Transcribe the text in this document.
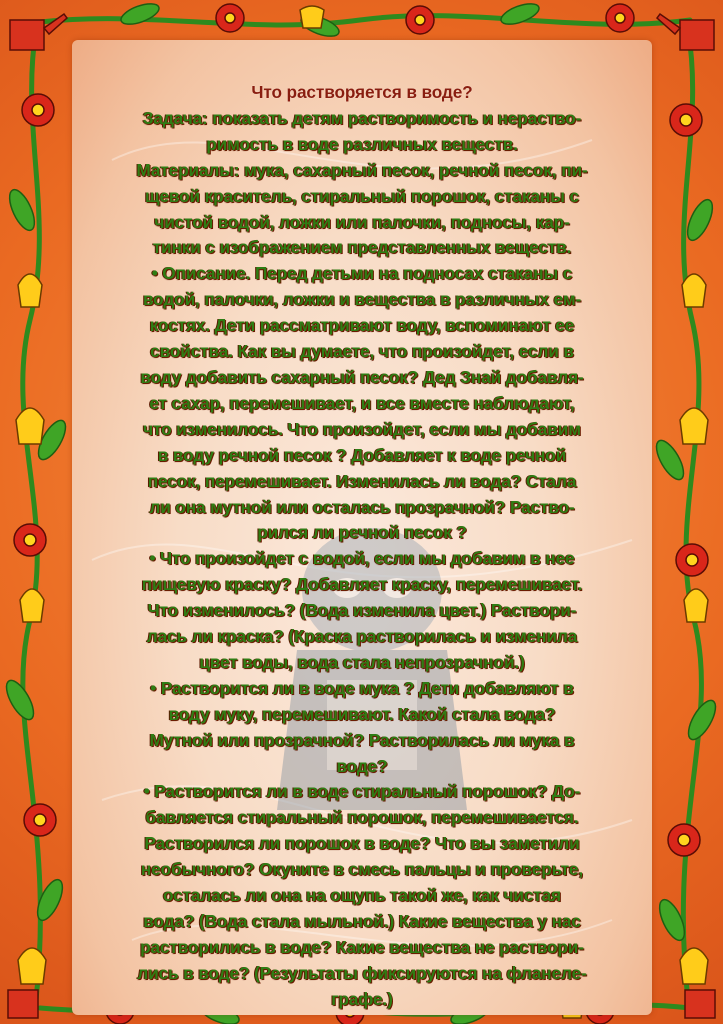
Что растворяется в воде?
Задача: показать детям растворимость и нераство-
римость в воде различных веществ.
Материалы: мука, сахарный песок, речной песок, пи-
щевой краситель, стиральный порошок, стаканы с
чистой водой, ложки или палочки, подносы, кар-
тинки с изображением представленных веществ.
• Описание. Перед детьми на подносах стаканы с
водой, палочки, ложки и вещества в различных ем-
костях. Дети рассматривают воду, вспоминают ее
свойства. Как вы думаете, что произойдет, если в
воду добавить сахарный песок? Дед Знай добавля-
ет сахар, перемешивает, и все вместе наблюдают,
что изменилось. Что произойдет, если мы добавим
в воду речной песок ? Добавляет к воде речной
песок, перемешивает. Изменилась ли вода? Стала
ли она мутной или осталась прозрачной? Раство-
рился ли речной песок ?
• Что произойдет с водой, если мы добавим в нее
пищевую краску? Добавляет краску, перемешивает.
Что изменилось? (Вода изменила цвет.) Раствори-
лась ли краска? (Краска растворилась и изменила
цвет воды, вода стала непрозрачной.)
• Растворится ли в воде мука ? Дети добавляют в
воду муку, перемешивают. Какой стала вода?
Мутной или прозрачной? Растворилась ли мука в
воде?
• Растворится ли в воде стиральный порошок? До-
бавляется стиральный порошок, перемешивается.
Растворился ли порошок в воде? Что вы заметили
необычного? Окуните в смесь пальцы и проверьте,
осталась ли она на ощупь такой же, как чистая
вода? (Вода стала мыльной.) Какие вещества у нас
растворились в воде? Какие вещества не раствори-
лись в воде? (Результаты фиксируются на фланеле-
графе.)
